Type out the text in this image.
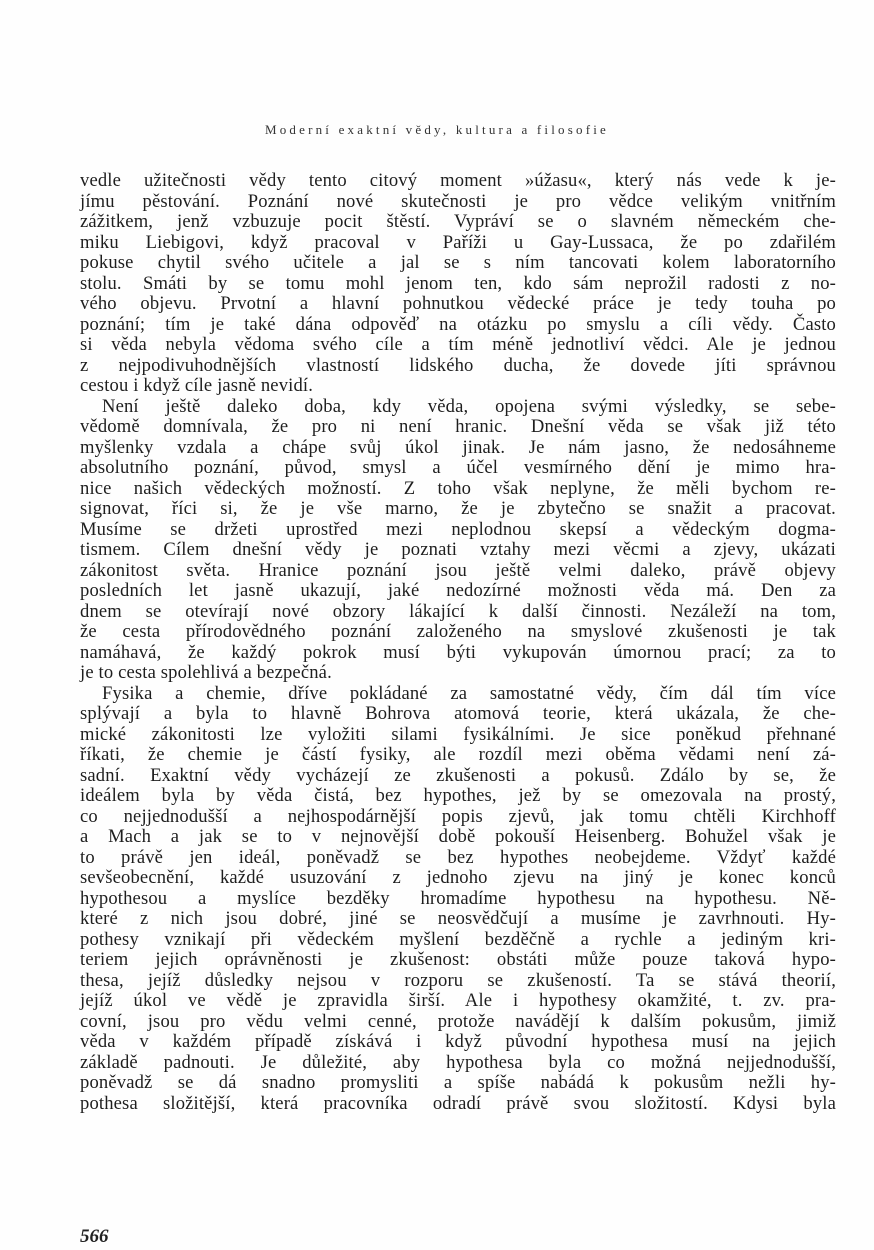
Moderní exaktní vědy, kultura a filosofie
vedle užitečnosti vědy tento citový moment »úžasu«, který nás vede k je-
jímu pěstování. Poznání nové skutečnosti je pro vědce velikým vnitřním
zážitkem, jenž vzbuzuje pocit štěstí. Vypráví se o slavném německém che-
miku Liebigovi, když pracoval v Paříži u Gay-Lussaca, že po zdařilém
pokuse chytil svého učitele a jal se s ním tancovati kolem laboratorního
stolu. Smáti by se tomu mohl jenom ten, kdo sám neprožil radosti z no-
vého objevu. Prvotní a hlavní pohnutkou vědecké práce je tedy touha po
poznání; tím je také dána odpověď na otázku po smyslu a cíli vědy. Často
si věda nebyla vědoma svého cíle a tím méně jednotliví vědci. Ale je jednou
z nejpodivuhodnějších vlastností lidského ducha, že dovede jíti správnou
cestou i když cíle jasně nevidí.
Není ještě daleko doba, kdy věda, opojena svými výsledky, se sebe-
vědomě domnívala, že pro ni není hranic. Dnešní věda se však již této
myšlenky vzdala a chápe svůj úkol jinak. Je nám jasno, že nedosáhneme
absolutního poznání, původ, smysl a účel vesmírného dění je mimo hra-
nice našich vědeckých možností. Z toho však neplyne, že měli bychom re-
signovat, říci si, že je vše marno, že je zbytečno se snažit a pracovat.
Musíme se držeti uprostřed mezi neplodnou skepsí a vědeckým dogma-
tismem. Cílem dnešní vědy je poznati vztahy mezi věcmi a zjevy, ukázati
zákonitost světa. Hranice poznání jsou ještě velmi daleko, právě objevy
posledních let jasně ukazují, jaké nedozírné možnosti věda má. Den za
dnem se otevírají nové obzory lákající k další činnosti. Nezáleží na tom,
že cesta přírodovědného poznání založeného na smyslové zkušenosti je tak
namáhavá, že každý pokrok musí býti vykupován úmornou prací; za to
je to cesta spolehlivá a bezpečná.
Fysika a chemie, dříve pokládané za samostatné vědy, čím dál tím více
splývají a byla to hlavně Bohrova atomová teorie, která ukázala, že che-
mické zákonitosti lze vyložiti silami fysikálními. Je sice poněkud přehnané
říkati, že chemie je částí fysiky, ale rozdíl mezi oběma vědami není zá-
sadní. Exaktní vědy vycházejí ze zkušenosti a pokusů. Zdálo by se, že
ideálem byla by věda čistá, bez hypothes, jež by se omezovala na prostý,
co nejjednodušší a nejhospodárnější popis zjevů, jak tomu chtěli Kirchhoff
a Mach a jak se to v nejnovější době pokouší Heisenberg. Bohužel však je
to právě jen ideál, poněvadž se bez hypothes neobejdeme. Vždyť každé
sevšeobecnění, každé usuzování z jednoho zjevu na jiný je konec konců
hypothesou a myslíce bezděky hromadíme hypothesu na hypothesu. Ně-
které z nich jsou dobré, jiné se neosvědčují a musíme je zavrhnouti. Hy-
pothesy vznikají při vědeckém myšlení bezděčně a rychle a jediným kri-
teriem jejich oprávněnosti je zkušenost: obstáti může pouze taková hypo-
thesa, jejíž důsledky nejsou v rozporu se zkušeností. Ta se stává theorií,
jejíž úkol ve vědě je zpravidla širší. Ale i hypothesy okamžité, t. zv. pra-
covní, jsou pro vědu velmi cenné, protože navádějí k dalším pokusům, jimiž
věda v každém případě získává i když původní hypothesa musí na jejich
základě padnouti. Je důležité, aby hypothesa byla co možná nejjednodušší,
poněvadž se dá snadno promysliti a spíše nabádá k pokusům nežli hy-
pothesa složitější, která pracovníka odradí právě svou složitostí. Kdysi byla
566
